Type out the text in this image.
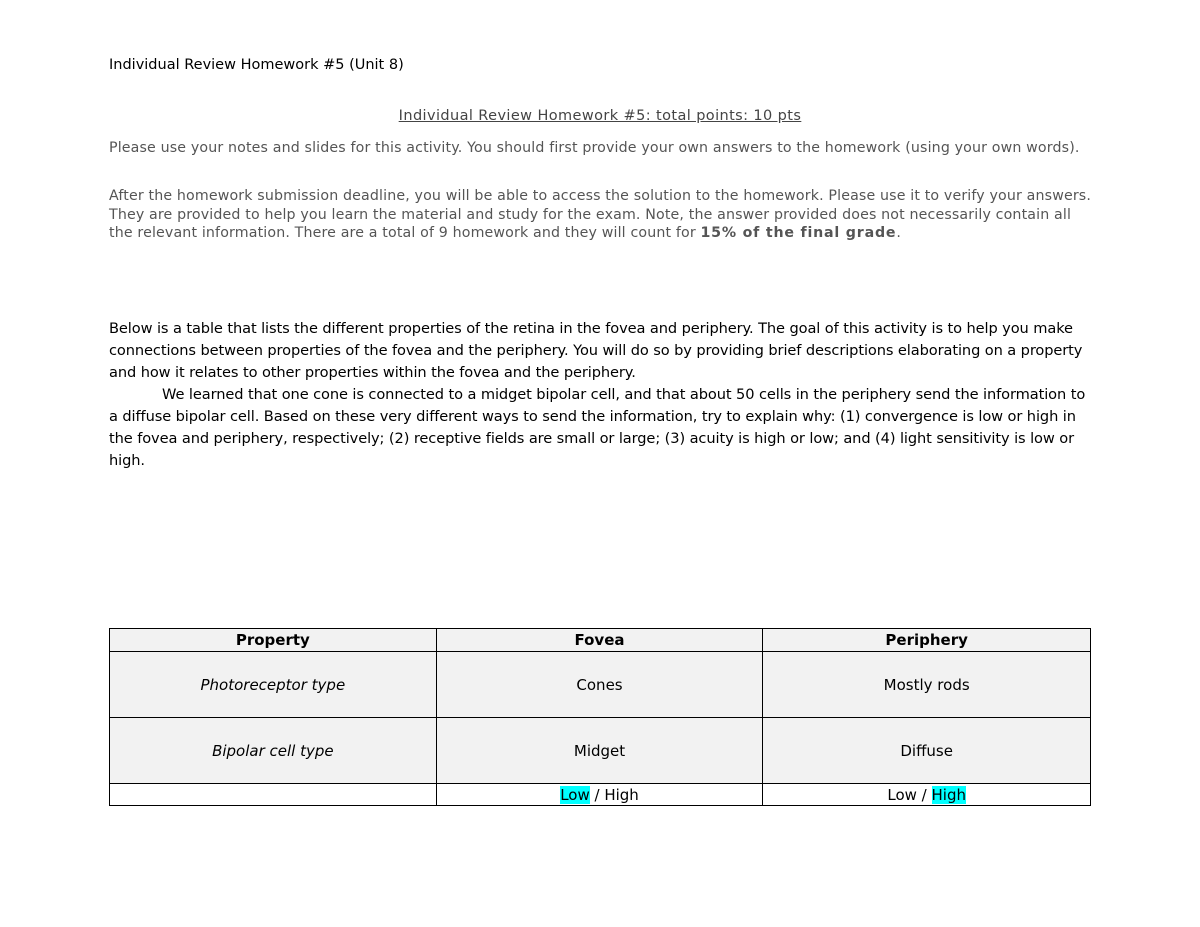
Individual Review Homework #5 (Unit 8)
Individual Review Homework #5: total points: 10 pts
Please use your notes and slides for this activity. You should first provide your own answers to the homework (using your own words).
After the homework submission deadline, you will be able to access the solution to the homework. Please use it to verify your answers. They are provided to help you learn the material and study for the exam. Note, the answer provided does not necessarily contain all the relevant information. There are a total of 9 homework and they will count for 15% of the final grade.
Below is a table that lists the different properties of the retina in the fovea and periphery. The goal of this activity is to help you make connections between properties of the fovea and the periphery. You will do so by providing brief descriptions elaborating on a property and how it relates to other properties within the fovea and the periphery.
We learned that one cone is connected to a midget bipolar cell, and that about 50 cells in the periphery send the information to a diffuse bipolar cell. Based on these very different ways to send the information, try to explain why: (1) convergence is low or high in the fovea and periphery, respectively; (2) receptive fields are small or large; (3) acuity is high or low; and (4) light sensitivity is low or high.
Property	Fovea	Periphery
Photoreceptor type	Cones	Mostly rods
Bipolar cell type	Midget	Diffuse
	Low / High	Low / High
